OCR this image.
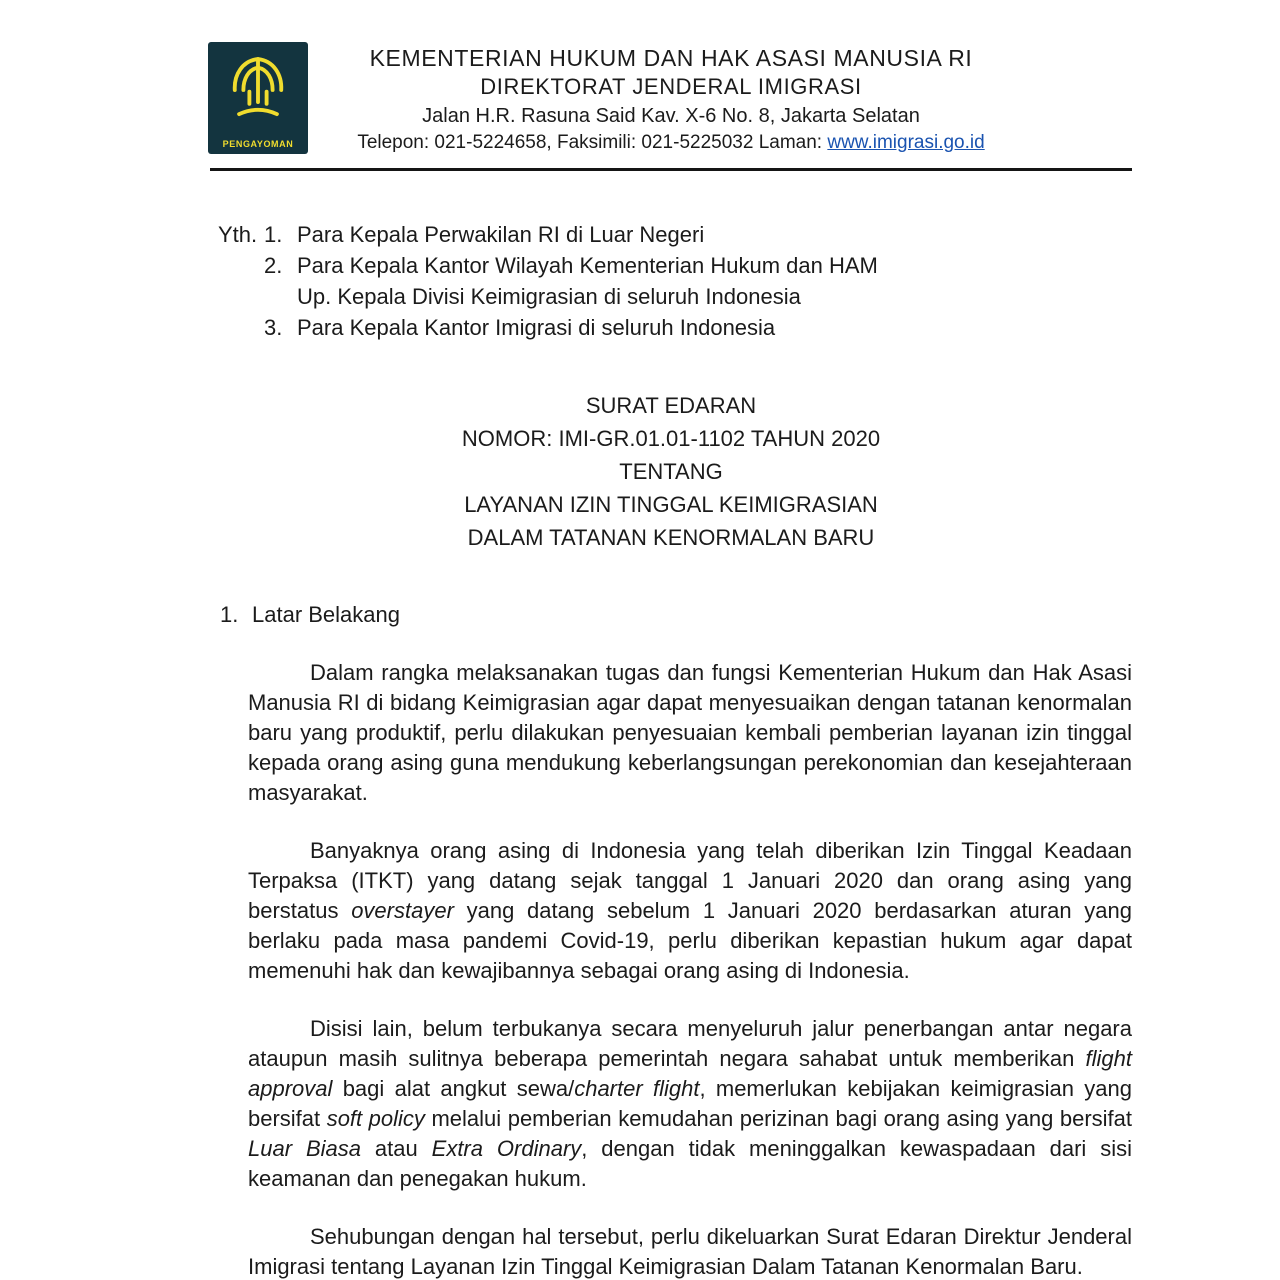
PENGAYOMAN
KEMENTERIAN HUKUM DAN HAK ASASI MANUSIA RI
DIREKTORAT JENDERAL IMIGRASI
Jalan H.R. Rasuna Said Kav. X-6 No. 8, Jakarta Selatan
Telepon: 021-5224658, Faksimili: 021-5225032 Laman: www.imigrasi.go.id
Yth. 1. Para Kepala Perwakilan RI di Luar Negeri
2. Para Kepala Kantor Wilayah Kementerian Hukum dan HAM
Up. Kepala Divisi Keimigrasian di seluruh Indonesia
3. Para Kepala Kantor Imigrasi di seluruh Indonesia
SURAT EDARAN
NOMOR: IMI-GR.01.01-1102 TAHUN 2020
TENTANG
LAYANAN IZIN TINGGAL KEIMIGRASIAN
DALAM TATANAN KENORMALAN BARU
1. Latar Belakang

Dalam rangka melaksanakan tugas dan fungsi Kementerian Hukum dan Hak Asasi Manusia RI di bidang Keimigrasian agar dapat menyesuaikan dengan tatanan kenormalan baru yang produktif, perlu dilakukan penyesuaian kembali pemberian layanan izin tinggal kepada orang asing guna mendukung keberlangsungan perekonomian dan kesejahteraan masyarakat.

Banyaknya orang asing di Indonesia yang telah diberikan Izin Tinggal Keadaan Terpaksa (ITKT) yang datang sejak tanggal 1 Januari 2020 dan orang asing yang berstatus overstayer yang datang sebelum 1 Januari 2020 berdasarkan aturan yang berlaku pada masa pandemi Covid-19, perlu diberikan kepastian hukum agar dapat memenuhi hak dan kewajibannya sebagai orang asing di Indonesia.

Disisi lain, belum terbukanya secara menyeluruh jalur penerbangan antar negara ataupun masih sulitnya beberapa pemerintah negara sahabat untuk memberikan flight approval bagi alat angkut sewa/charter flight, memerlukan kebijakan keimigrasian yang bersifat soft policy melalui pemberian kemudahan perizinan bagi orang asing yang bersifat Luar Biasa atau Extra Ordinary, dengan tidak meninggalkan kewaspadaan dari sisi keamanan dan penegakan hukum.

Sehubungan dengan hal tersebut, perlu dikeluarkan Surat Edaran Direktur Jenderal Imigrasi tentang Layanan Izin Tinggal Keimigrasian Dalam Tatanan Kenormalan Baru.
